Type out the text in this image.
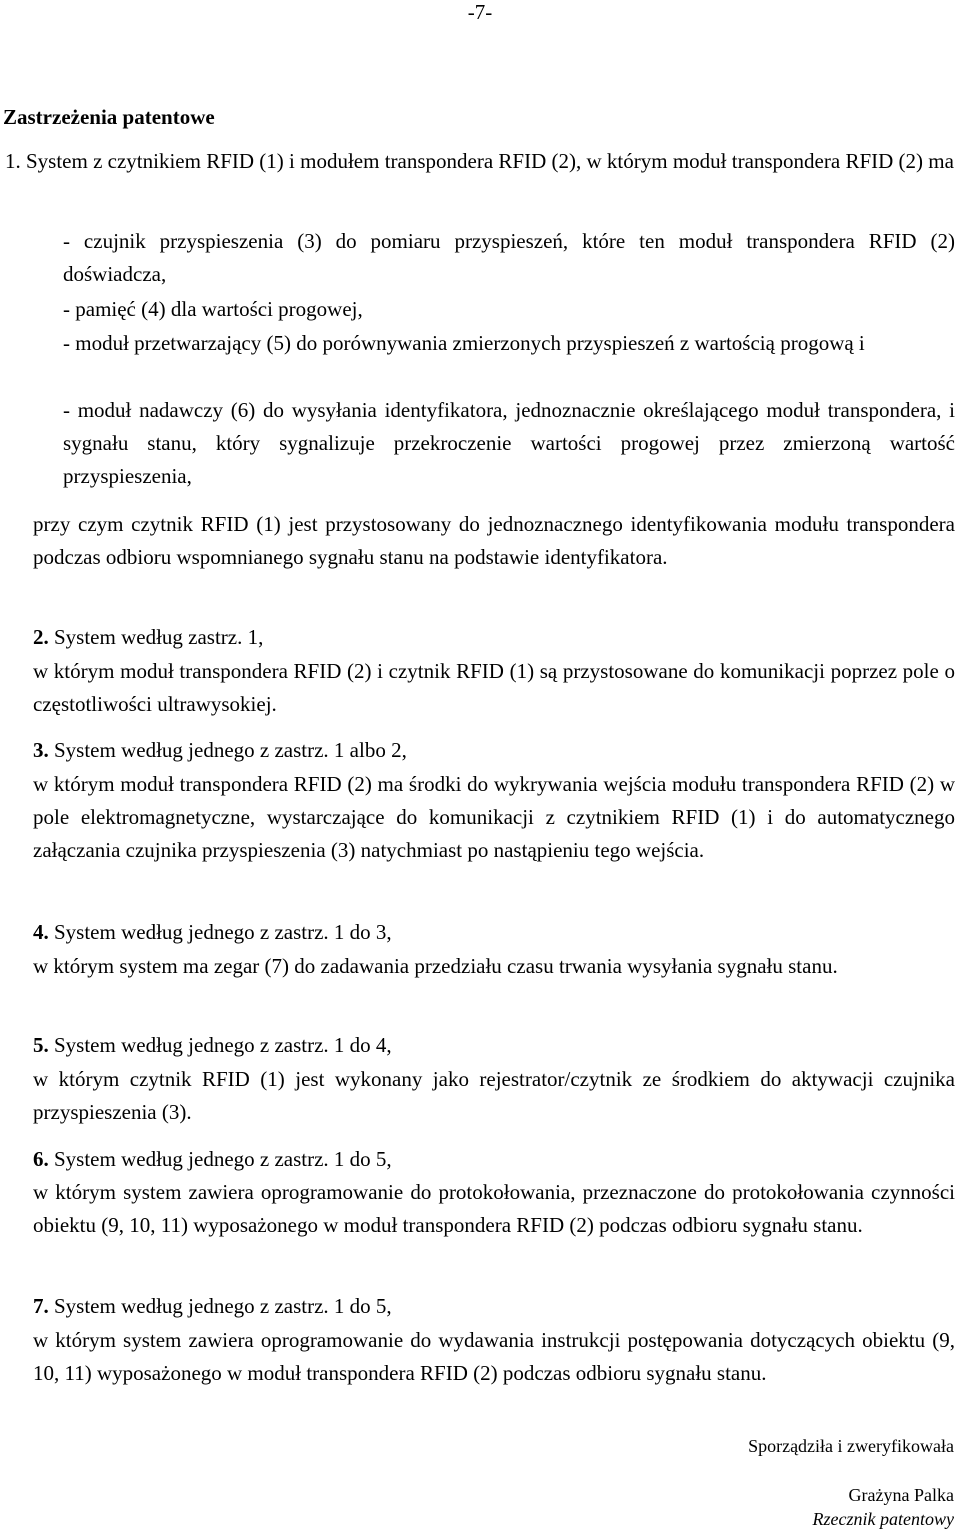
-7-
Zastrzeżenia patentowe
1. System z czytnikiem RFID (1) i modułem transpondera RFID (2), w którym moduł transpondera RFID (2) ma
- czujnik przyspieszenia (3) do pomiaru przyspieszeń, które ten moduł transpondera RFID (2) doświadcza,
- pamięć (4) dla wartości progowej,
- moduł przetwarzający (5) do porównywania zmierzonych przyspieszeń z wartością progową i
- moduł nadawczy (6) do wysyłania identyfikatora, jednoznacznie określającego moduł transpondera, i sygnału stanu, który sygnalizuje przekroczenie wartości progowej przez zmierzoną wartość przyspieszenia,
przy czym czytnik RFID (1) jest przystosowany do jednoznacznego identyfikowania modułu transpondera podczas odbioru wspomnianego sygnału stanu na podstawie identyfikatora.
2. System według zastrz. 1,
w którym moduł transpondera RFID (2) i czytnik RFID (1) są przystosowane do komunikacji poprzez pole o częstotliwości ultrawysokiej.
3. System według jednego z zastrz. 1 albo 2,
w którym moduł transpondera RFID (2) ma środki do wykrywania wejścia modułu transpondera RFID (2) w pole elektromagnetyczne, wystarczające do komunikacji z czytnikiem RFID (1) i do automatycznego załączania czujnika przyspieszenia (3) natychmiast po nastąpieniu tego wejścia.
4. System według jednego z zastrz. 1 do 3,
w którym system ma zegar (7) do zadawania przedziału czasu trwania wysyłania sygnału stanu.
5. System według jednego z zastrz. 1 do 4,
w którym czytnik RFID (1) jest wykonany jako rejestrator/czytnik ze środkiem do aktywacji czujnika przyspieszenia (3).
6. System według jednego z zastrz. 1 do 5,
w którym system zawiera oprogramowanie do protokołowania, przeznaczone do protokołowania czynności obiektu (9, 10, 11) wyposażonego w moduł transpondera RFID (2) podczas odbioru sygnału stanu.
7. System według jednego z zastrz. 1 do 5,
w którym system zawiera oprogramowanie do wydawania instrukcji postępowania dotyczących obiektu (9, 10, 11) wyposażonego w moduł transpondera RFID (2) podczas odbioru sygnału stanu.
Sporządziła i zweryfikowała
Grażyna Palka
Rzecznik patentowy
